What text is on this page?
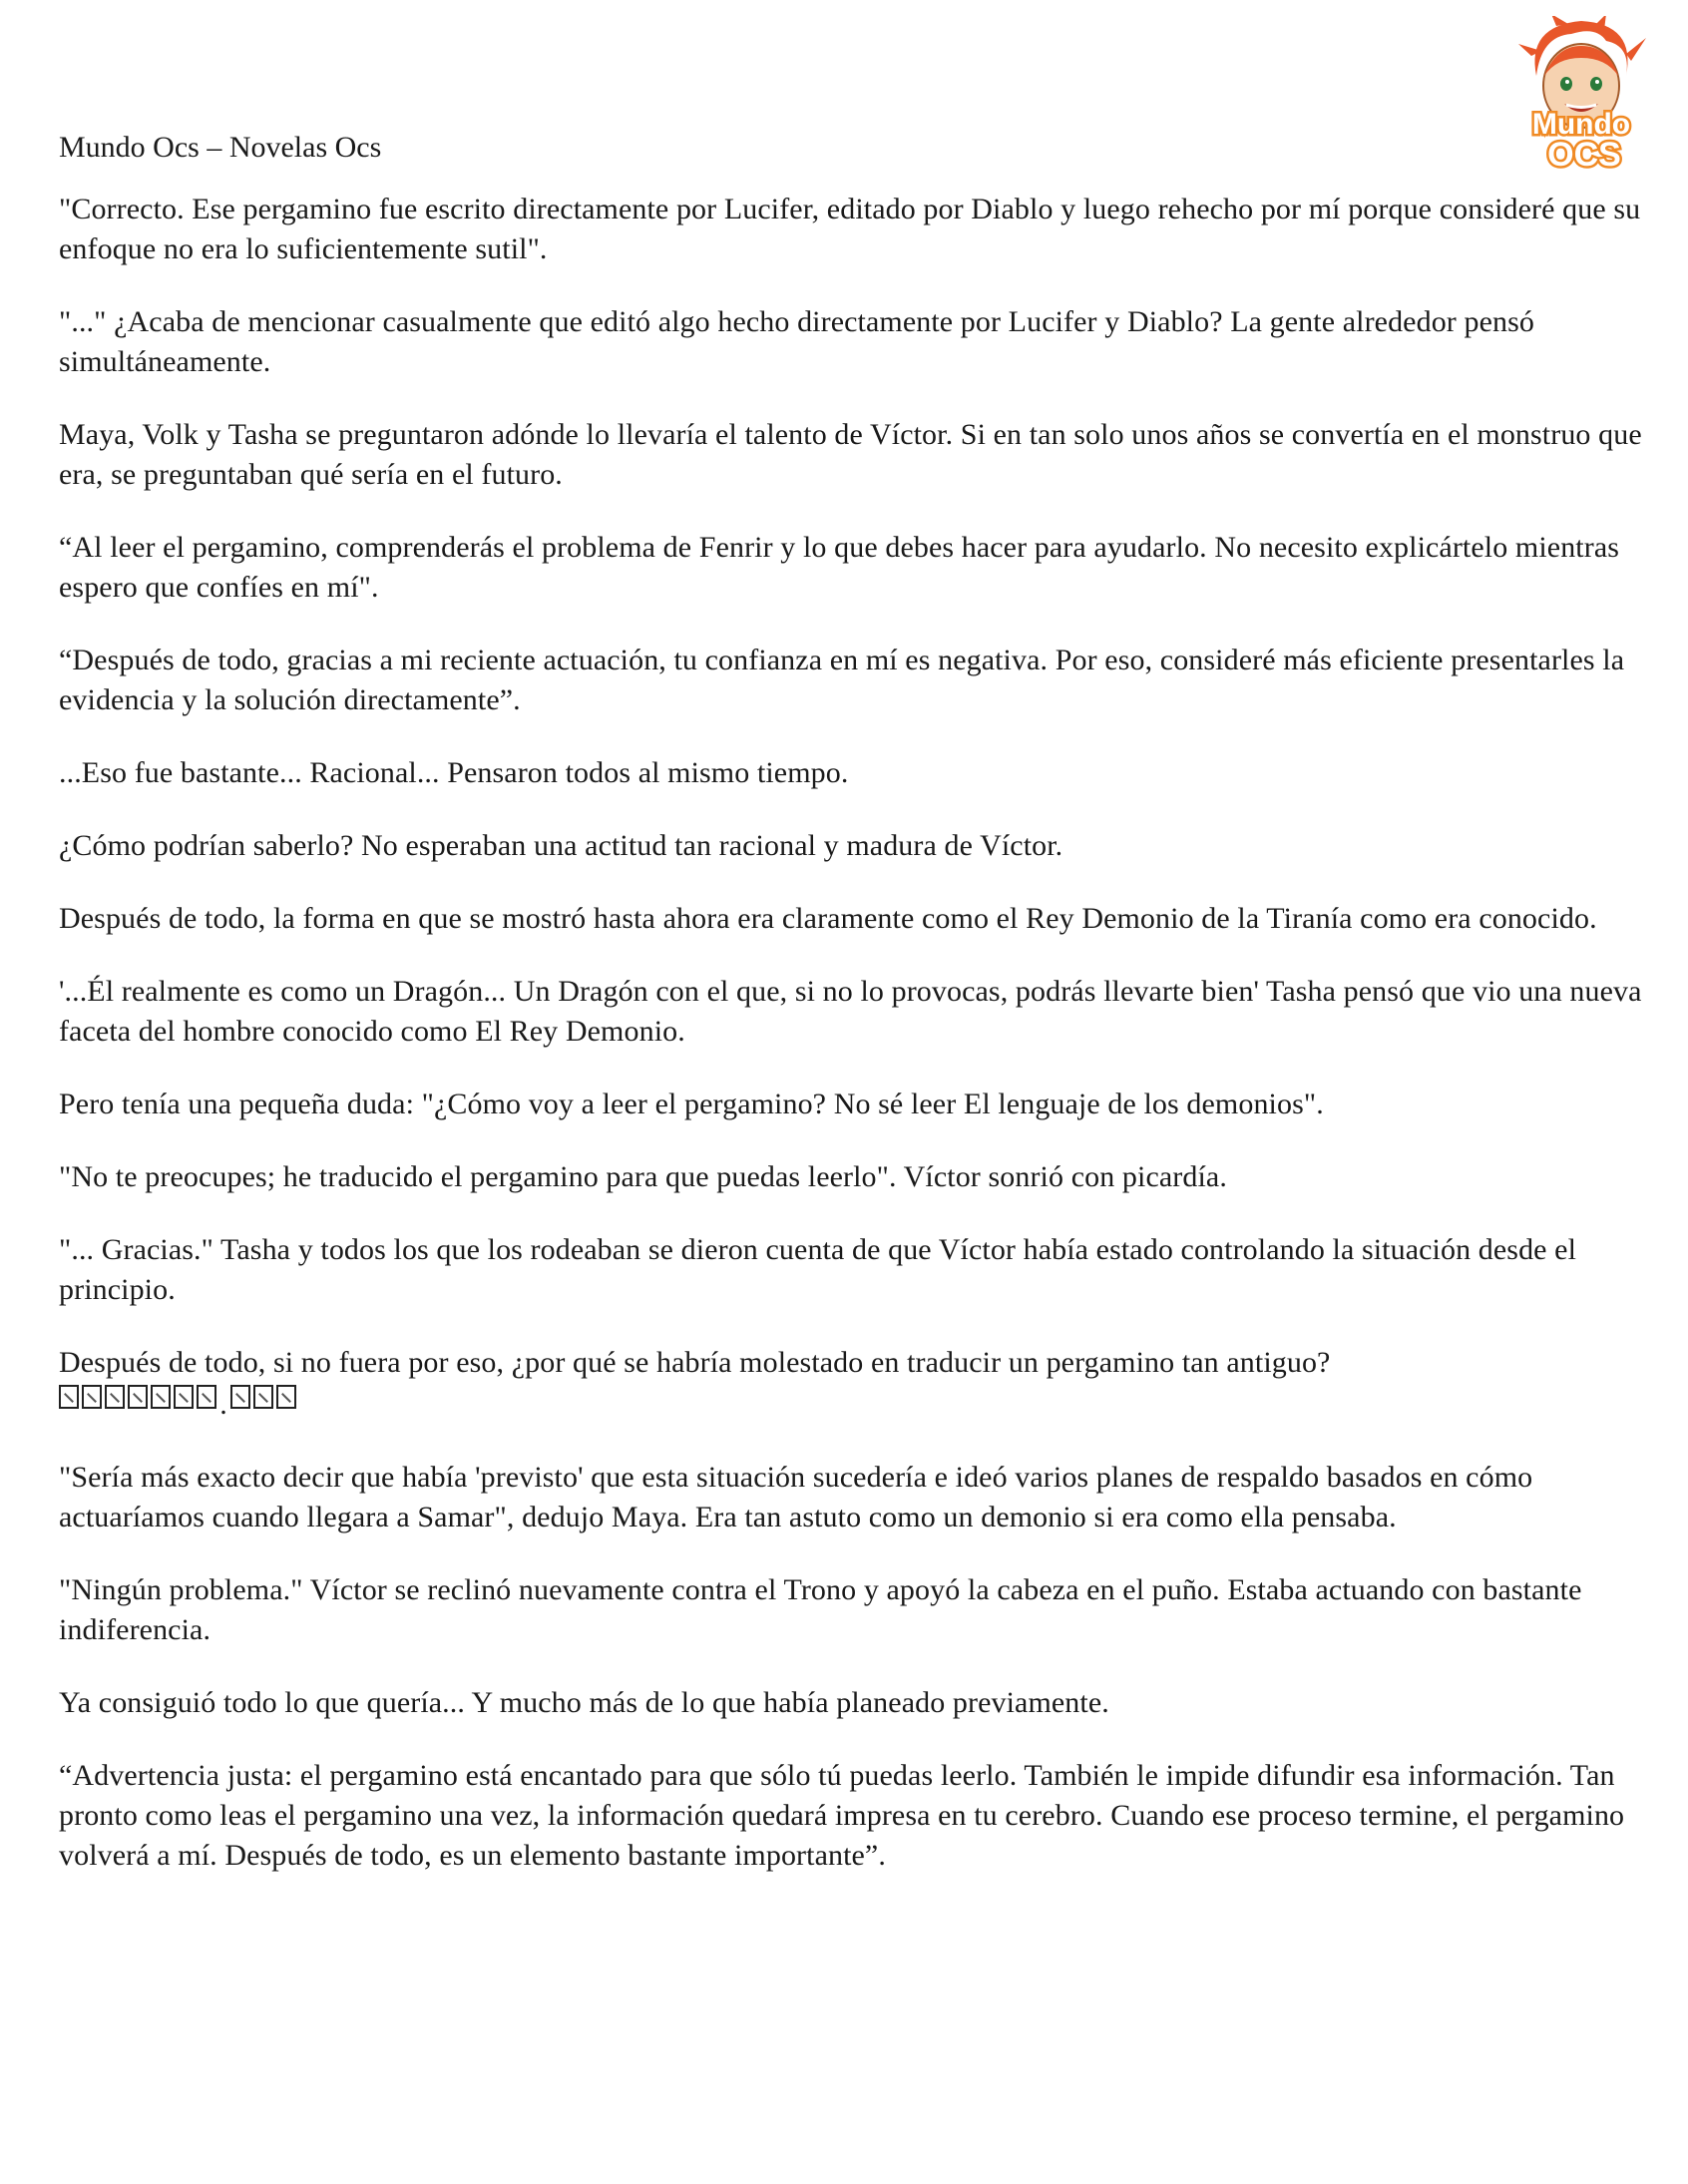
Mundo
OCS
Mundo Ocs – Novelas Ocs

"Correcto. Ese pergamino fue escrito directamente por Lucifer, editado por Diablo y luego rehecho por mí porque consideré que su enfoque no era lo suficientemente sutil".

"..." ¿Acaba de mencionar casualmente que editó algo hecho directamente por Lucifer y Diablo? La gente alrededor pensó simultáneamente.

Maya, Volk y Tasha se preguntaron adónde lo llevaría el talento de Víctor. Si en tan solo unos años se convertía en el monstruo que era, se preguntaban qué sería en el futuro.

“Al leer el pergamino, comprenderás el problema de Fenrir y lo que debes hacer para ayudarlo. No necesito explicártelo mientras espero que confíes en mí".

“Después de todo, gracias a mi reciente actuación, tu confianza en mí es negativa. Por eso, consideré más eficiente presentarles la evidencia y la solución directamente”.

...Eso fue bastante... Racional... Pensaron todos al mismo tiempo.

¿Cómo podrían saberlo? No esperaban una actitud tan racional y madura de Víctor.

Después de todo, la forma en que se mostró hasta ahora era claramente como el Rey Demonio de la Tiranía como era conocido.

'...Él realmente es como un Dragón... Un Dragón con el que, si no lo provocas, podrás llevarte bien' Tasha pensó que vio una nueva faceta del hombre conocido como El Rey Demonio.

Pero tenía una pequeña duda: "¿Cómo voy a leer el pergamino? No sé leer El lenguaje de los demonios".

"No te preocupes; he traducido el pergamino para que puedas leerlo". Víctor sonrió con picardía.

"... Gracias." Tasha y todos los que los rodeaban se dieron cuenta de que Víctor había estado controlando la situación desde el principio.

Después de todo, si no fuera por eso, ¿por qué se habría molestado en traducir un pergamino tan antiguo?

.

"Sería más exacto decir que había 'previsto' que esta situación sucedería e ideó varios planes de respaldo basados en cómo actuaríamos cuando llegara a Samar", dedujo Maya. Era tan astuto como un demonio si era como ella pensaba.

"Ningún problema." Víctor se reclinó nuevamente contra el Trono y apoyó la cabeza en el puño. Estaba actuando con bastante indiferencia.

Ya consiguió todo lo que quería... Y mucho más de lo que había planeado previamente.

“Advertencia justa: el pergamino está encantado para que sólo tú puedas leerlo. También le impide difundir esa información. Tan pronto como leas el pergamino una vez, la información quedará impresa en tu cerebro. Cuando ese proceso termine, el pergamino volverá a mí. Después de todo, es un elemento bastante importante”.
